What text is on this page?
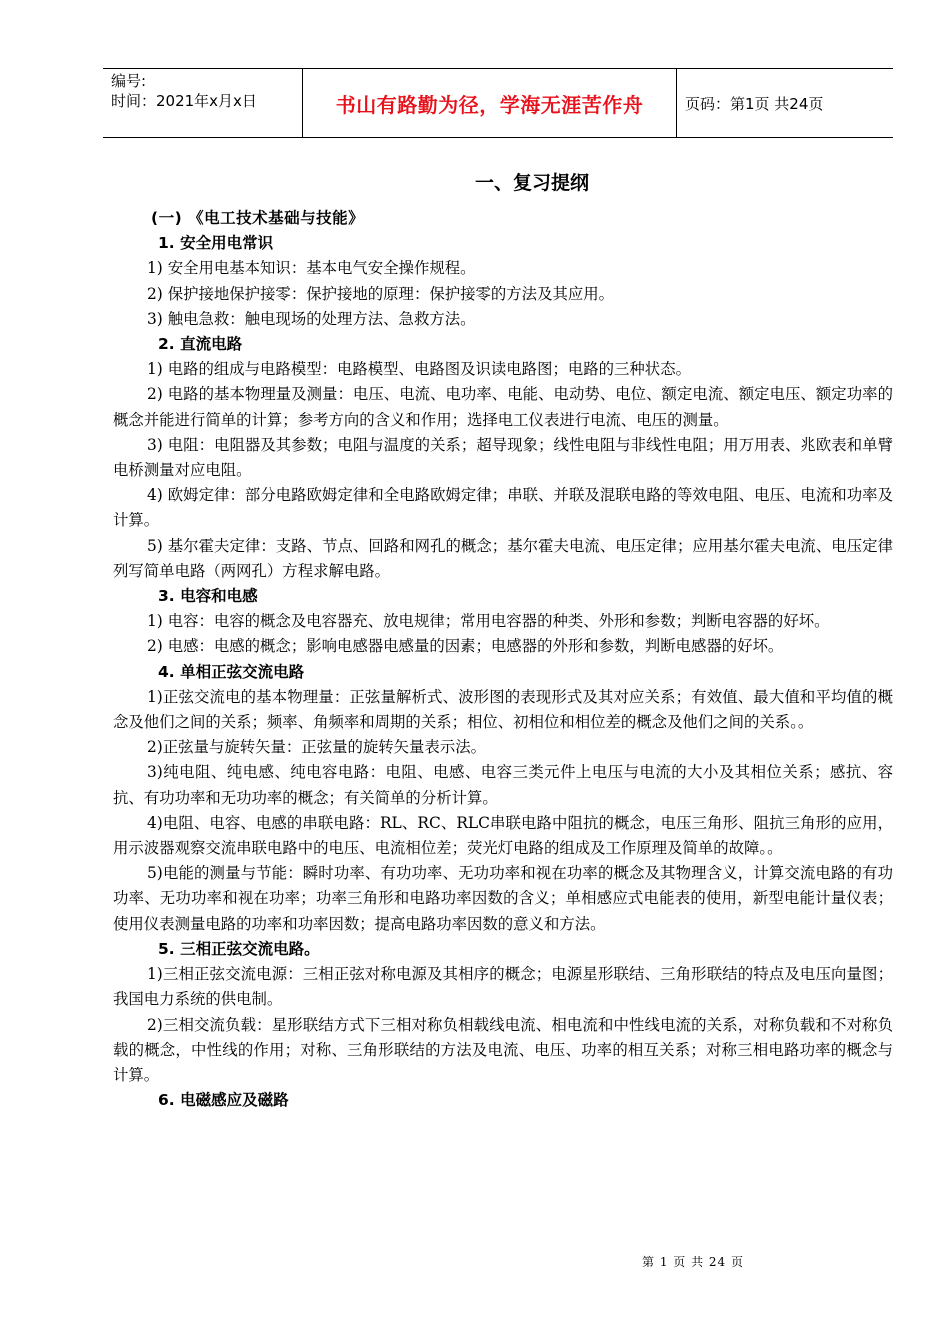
编号:
时间：2021年x月x日	书山有路勤为径，学海无涯苦作舟	页码：第1页 共24页
一、复习提纲

(一) 《电工技术基础与技能》

1. 安全用电常识

1) 安全用电基本知识：基本电气安全操作规程。

2) 保护接地保护接零：保护接地的原理：保护接零的方法及其应用。

3) 触电急救：触电现场的处理方法、急救方法。

2. 直流电路

1) 电路的组成与电路模型：电路模型、电路图及识读电路图；电路的三种状态。

2) 电路的基本物理量及测量：电压、电流、电功率、电能、电动势、电位、额定电流、额定电压、额定功率的概念并能进行简单的计算；参考方向的含义和作用；选择电工仪表进行电流、电压的测量。

3) 电阻：电阻器及其参数；电阻与温度的关系；超导现象；线性电阻与非线性电阻；用万用表、兆欧表和单臂电桥测量对应电阻。

4) 欧姆定律：部分电路欧姆定律和全电路欧姆定律；串联、并联及混联电路的等效电阻、电压、电流和功率及计算。

5) 基尔霍夫定律：支路、节点、回路和网孔的概念；基尔霍夫电流、电压定律；应用基尔霍夫电流、电压定律列写简单电路（两网孔）方程求解电路。

3. 电容和电感

1) 电容：电容的概念及电容器充、放电规律；常用电容器的种类、外形和参数；判断电容器的好坏。

2) 电感：电感的概念；影响电感器电感量的因素；电感器的外形和参数，判断电感器的好坏。

4. 单相正弦交流电路

1)正弦交流电的基本物理量：正弦量解析式、波形图的表现形式及其对应关系；有效值、最大值和平均值的概念及他们之间的关系；频率、角频率和周期的关系；相位、初相位和相位差的概念及他们之间的关系。。

2)正弦量与旋转矢量：正弦量的旋转矢量表示法。

3)纯电阻、纯电感、纯电容电路：电阻、电感、电容三类元件上电压与电流的大小及其相位关系；感抗、容抗、有功功率和无功功率的概念；有关简单的分析计算。

4)电阻、电容、电感的串联电路：RL、RC、RLC串联电路中阻抗的概念，电压三角形、阻抗三角形的应用，用示波器观察交流串联电路中的电压、电流相位差；荧光灯电路的组成及工作原理及简单的故障。。

5)电能的测量与节能：瞬时功率、有功功率、无功功率和视在功率的概念及其物理含义，计算交流电路的有功功率、无功功率和视在功率；功率三角形和电路功率因数的含义；单相感应式电能表的使用，新型电能计量仪表；使用仪表测量电路的功率和功率因数；提高电路功率因数的意义和方法。

5. 三相正弦交流电路。

1)三相正弦交流电源：三相正弦对称电源及其相序的概念；电源星形联结、三角形联结的特点及电压向量图；我国电力系统的供电制。

2)三相交流负载：星形联结方式下三相对称负相载线电流、相电流和中性线电流的关系，对称负载和不对称负载的概念，中性线的作用；对称、三角形联结的方法及电流、电压、功率的相互关系；对称三相电路功率的概念与计算。

6. 电磁感应及磁路

第 1 页 共 24 页
